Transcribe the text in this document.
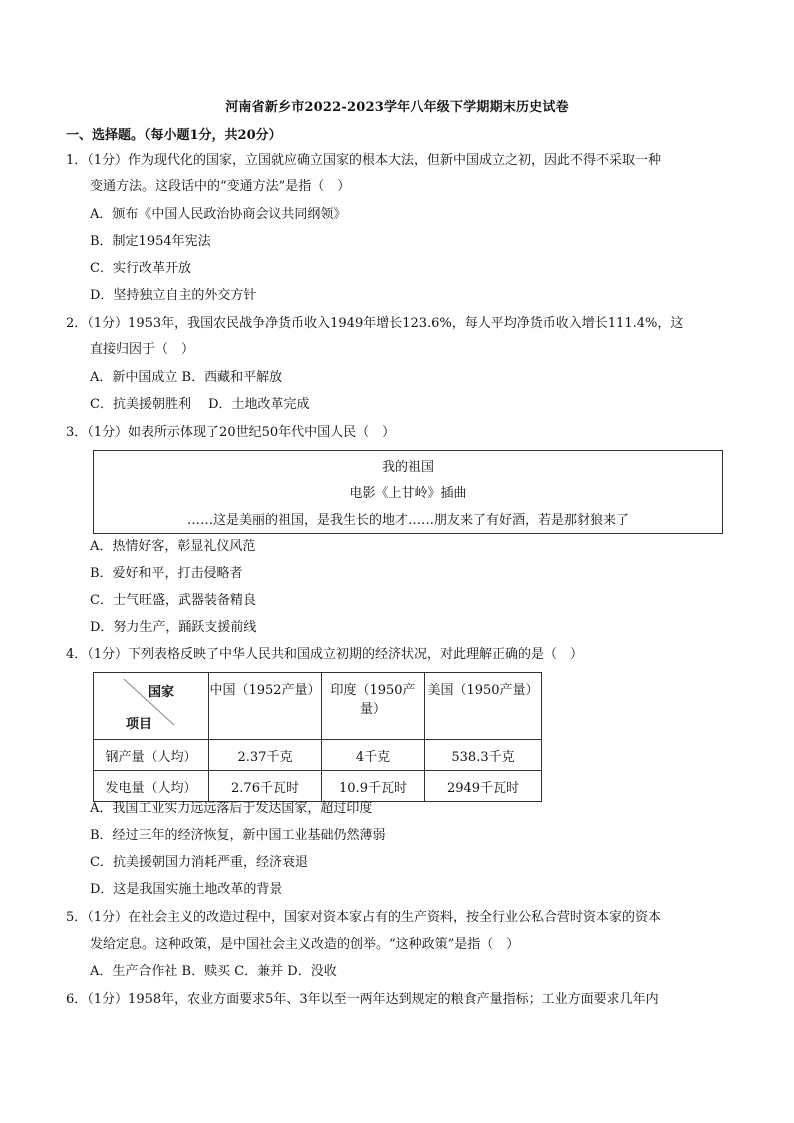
河南省新乡市2022-2023学年八年级下学期期末历史试卷
一、选择题。（每小题1分，共20分）
1．（1分）作为现代化的国家，立国就应确立国家的根本大法，但新中国成立之初，因此不得不采取一种
变通方法。这段话中的“变通方法”是指（　）
A．颁布《中国人民政治协商会议共同纲领》
B．制定1954年宪法
C．实行改革开放
D．坚持独立自主的外交方针
2．（1分）1953年，我国农民战争净货币收入1949年增长123.6%，每人平均净货币收入增长111.4%，这
直接归因于（　）
A．新中国成立 B．西藏和平解放
C．抗美援朝胜利　 D．土地改革完成
3．（1分）如表所示体现了20世纪50年代中国人民（　）
我的祖国
电影《上甘岭》插曲
……这是美丽的祖国，是我生长的地才……朋友来了有好酒，若是那豺狼来了
A．热情好客，彰显礼仪风范
B．爱好和平，打击侵略者
C．士气旺盛，武器装备精良
D．努力生产，踊跃支援前线
4．（1分）下列表格反映了中华人民共和国成立初期的经济状况，对此理解正确的是（　）
国家
项目	中国（1952产量）	印度（1950产量）	美国（1950产量）
钢产量（人均）	2.37千克	4千克	538.3千克
发电量（人均）	2.76千瓦时	10.9千瓦时	2949千瓦时
A．我国工业实力远远落后于发达国家，超过印度
B．经过三年的经济恢复，新中国工业基础仍然薄弱
C．抗美援朝国力消耗严重，经济衰退
D．这是我国实施土地改革的背景
5．（1分）在社会主义的改造过程中，国家对资本家占有的生产资料，按全行业公私合营时资本家的资本
发给定息。这种政策，是中国社会主义改造的创举。“这种政策”是指（　）
A．生产合作社 B．赎买 C．兼并 D．没收
6．（1分）1958年，农业方面要求5年、3年以至一两年达到规定的粮食产量指标；工业方面要求几年内
